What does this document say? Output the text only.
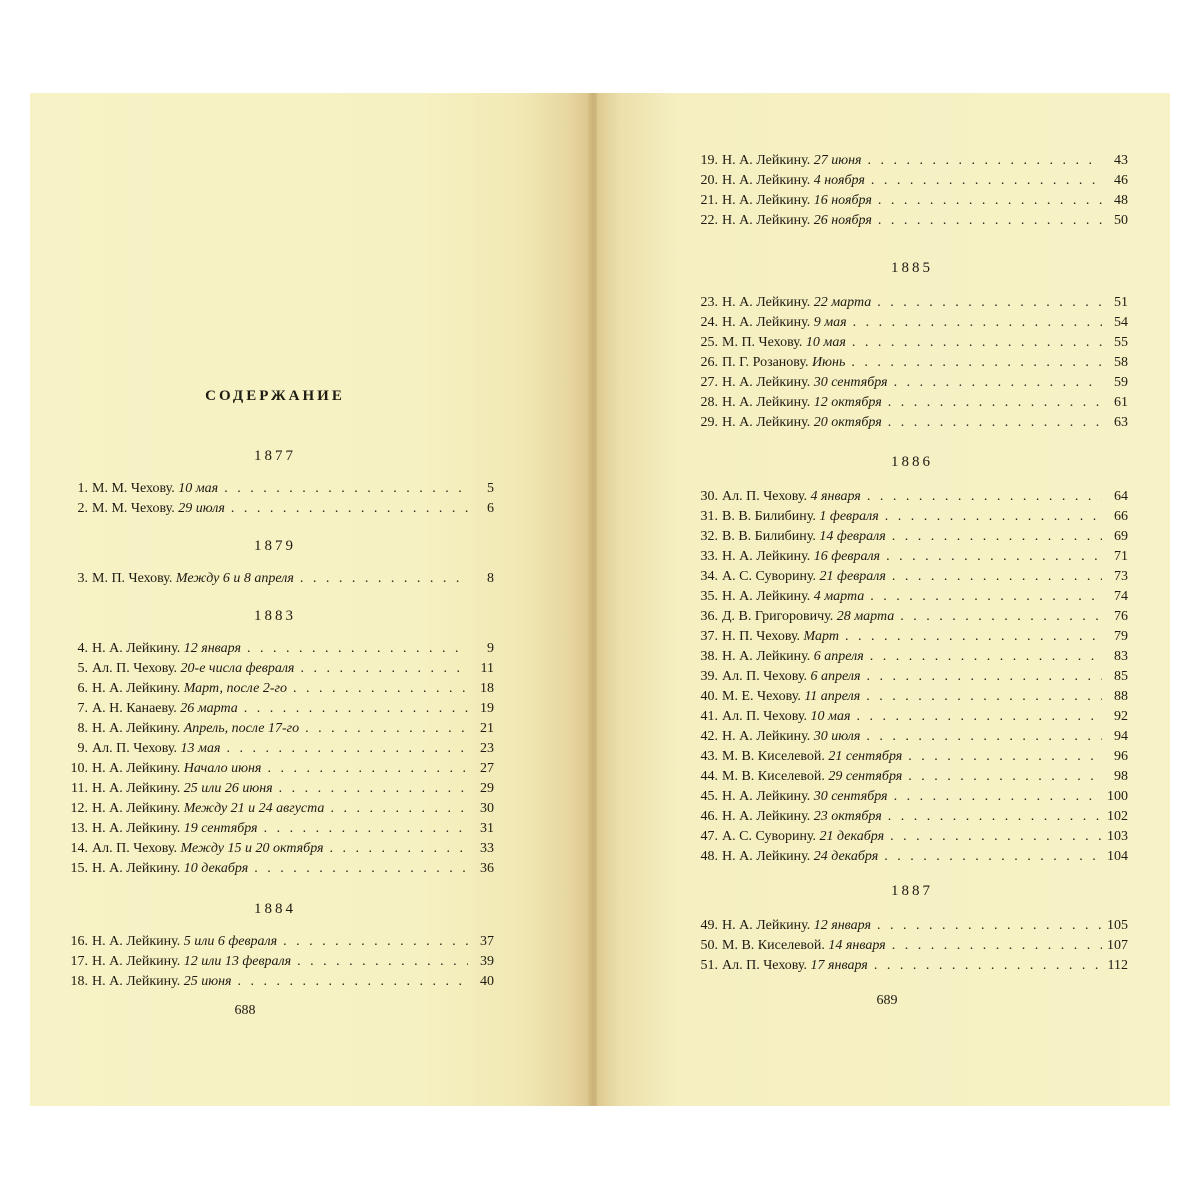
СОДЕРЖАНИЕ
1877
1. М. М. Чехову. 10 мая . . .	5
2. М. М. Чехову. 29 июля . . .	6
1879
3. М. П. Чехову. Между 6 и 8 апреля . . .	8
1883
4. Н. А. Лейкину. 12 января . . .	9
5. Ал. П. Чехову. 20-е числа февраля . . .	11
6. Н. А. Лейкину. Март, после 2-го . . .	18
7. А. Н. Канаеву. 26 марта . . .	19
8. Н. А. Лейкину. Апрель, после 17-го . . .	21
9. Ал. П. Чехову. 13 мая . . .	23
10. Н. А. Лейкину. Начало июня . . .	27
11. Н. А. Лейкину. 25 или 26 июня . . .	29
12. Н. А. Лейкину. Между 21 и 24 августа . . .	30
13. Н. А. Лейкину. 19 сентября . . .	31
14. Ал. П. Чехову. Между 15 и 20 октября . . .	33
15. Н. А. Лейкину. 10 декабря . . .	36
1884
16. Н. А. Лейкину. 5 или 6 февраля . . .	37
17. Н. А. Лейкину. 12 или 13 февраля . . .	39
18. Н. А. Лейкину. 25 июня . . .	40
19. Н. А. Лейкину. 27 июня . . .	43
20. Н. А. Лейкину. 4 ноября . . .	46
21. Н. А. Лейкину. 16 ноября . . .	48
22. Н. А. Лейкину. 26 ноября . . .	50
1885
23. Н. А. Лейкину. 22 марта . . .	51
24. Н. А. Лейкину. 9 мая . . .	54
25. М. П. Чехову. 10 мая . . .	55
26. П. Г. Розанову. Июнь . . .	58
27. Н. А. Лейкину. 30 сентября . . .	59
28. Н. А. Лейкину. 12 октября . . .	61
29. Н. А. Лейкину. 20 октября . . .	63
1886
30. Ал. П. Чехову. 4 января . . .	64
31. В. В. Билибину. 1 февраля . . .	66
32. В. В. Билибину. 14 февраля . . .	69
33. Н. А. Лейкину. 16 февраля . . .	71
34. А. С. Суворину. 21 февраля . . .	73
35. Н. А. Лейкину. 4 марта . . .	74
36. Д. В. Григоровичу. 28 марта . . .	76
37. Н. П. Чехову. Март . . .	79
38. Н. А. Лейкину. 6 апреля . . .	83
39. Ал. П. Чехову. 6 апреля . . .	85
40. М. Е. Чехову. 11 апреля . . .	88
41. Ал. П. Чехову. 10 мая . . .	92
42. Н. А. Лейкину. 30 июля . . .	94
43. М. В. Киселевой. 21 сентября . . .	96
44. М. В. Киселевой. 29 сентября . . .	98
45. Н. А. Лейкину. 30 сентября . . .	100
46. Н. А. Лейкину. 23 октября . . .	102
47. А. С. Суворину. 21 декабря . . .	103
48. Н. А. Лейкину. 24 декабря . . .	104
1887
49. Н. А. Лейкину. 12 января . . .	105
50. М. В. Киселевой. 14 января . . .	107
51. Ал. П. Чехову. 17 января . . .	112
688
689
